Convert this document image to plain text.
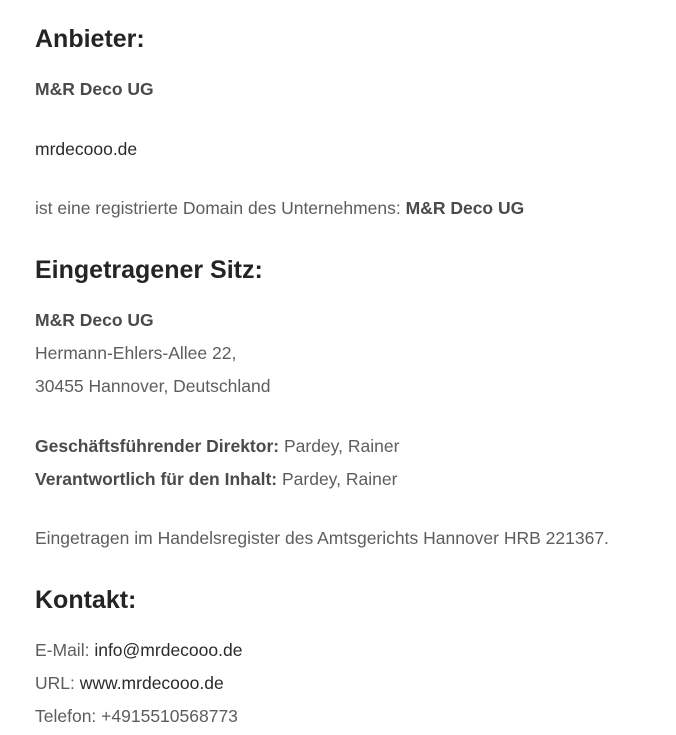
Anbieter:

M&R Deco UG

mrdecooo.de

ist eine registrierte Domain des Unternehmens: M&R Deco UG

Eingetragener Sitz:

M&R Deco UG

Hermann-Ehlers-Allee 22,

30455 Hannover, Deutschland

Geschäftsführender Direktor: Pardey, Rainer

Verantwortlich für den Inhalt: Pardey, Rainer

Eingetragen im Handelsregister des Amtsgerichts Hannover HRB 221367.

Kontakt:

E-Mail: info@mrdecooo.de

URL: www.mrdecooo.de

Telefon: +4915510568773
